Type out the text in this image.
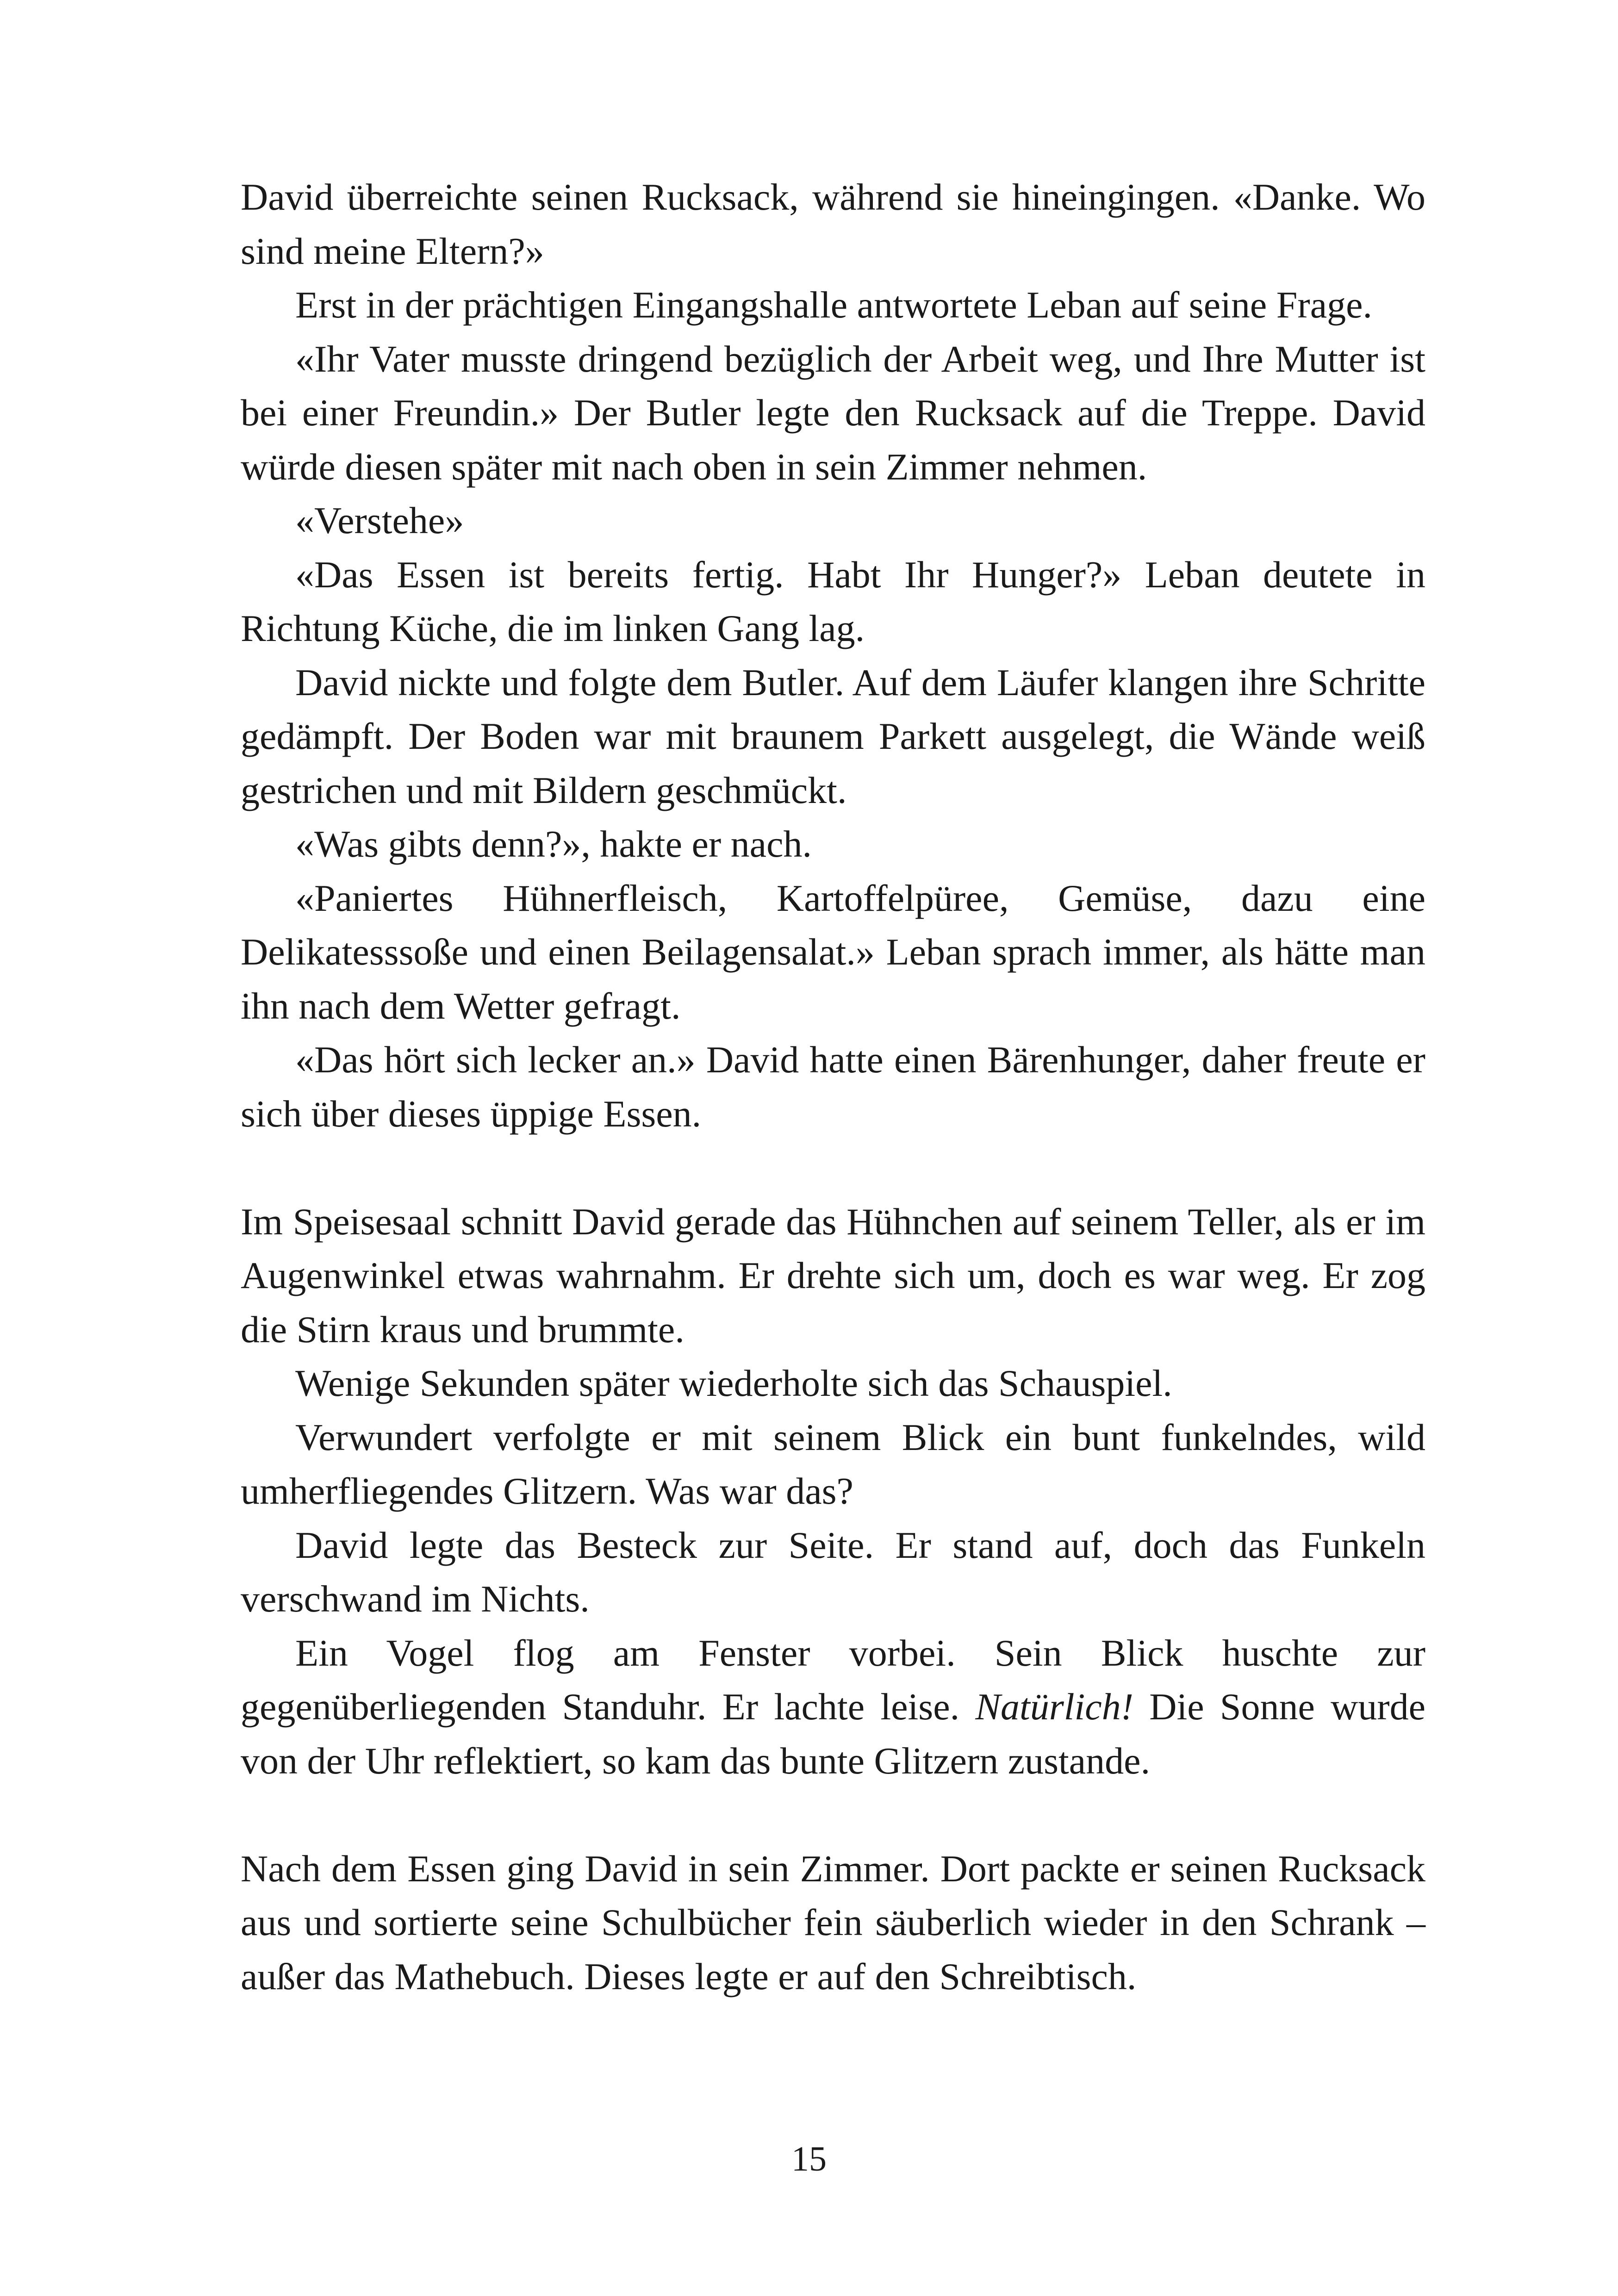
David überreichte seinen Rucksack, während sie hineingingen. «Danke. Wo sind meine Eltern?»

Erst in der prächtigen Eingangshalle antwortete Leban auf seine Frage.

«Ihr Vater musste dringend bezüglich der Arbeit weg, und Ihre Mutter ist bei einer Freundin.» Der Butler legte den Rucksack auf die Treppe. David würde diesen später mit nach oben in sein Zimmer nehmen.

«Verstehe»

«Das Essen ist bereits fertig. Habt Ihr Hunger?» Leban deutete in Richtung Küche, die im linken Gang lag.

David nickte und folgte dem Butler. Auf dem Läufer klangen ihre Schritte gedämpft. Der Boden war mit braunem Parkett ausgelegt, die Wände weiß gestrichen und mit Bildern geschmückt.

«Was gibts denn?», hakte er nach.

«Paniertes Hühnerfleisch, Kartoffelpüree, Gemüse, dazu eine Delikatesssoße und einen Beilagensalat.» Leban sprach immer, als hätte man ihn nach dem Wetter gefragt.

«Das hört sich lecker an.» David hatte einen Bärenhunger, daher freute er sich über dieses üppige Essen.

Im Speisesaal schnitt David gerade das Hühnchen auf seinem Teller, als er im Augenwinkel etwas wahrnahm. Er drehte sich um, doch es war weg. Er zog die Stirn kraus und brummte.

Wenige Sekunden später wiederholte sich das Schauspiel.

Verwundert verfolgte er mit seinem Blick ein bunt funkelndes, wild umherfliegendes Glitzern. Was war das?

David legte das Besteck zur Seite. Er stand auf, doch das Funkeln verschwand im Nichts.

Ein Vogel flog am Fenster vorbei. Sein Blick huschte zur gegenüberliegenden Standuhr. Er lachte leise. Natürlich! Die Sonne wurde von der Uhr reflektiert, so kam das bunte Glitzern zustande.

Nach dem Essen ging David in sein Zimmer. Dort packte er seinen Rucksack aus und sortierte seine Schulbücher fein säuberlich wieder in den Schrank – außer das Mathebuch. Dieses legte er auf den Schreibtisch.

15
